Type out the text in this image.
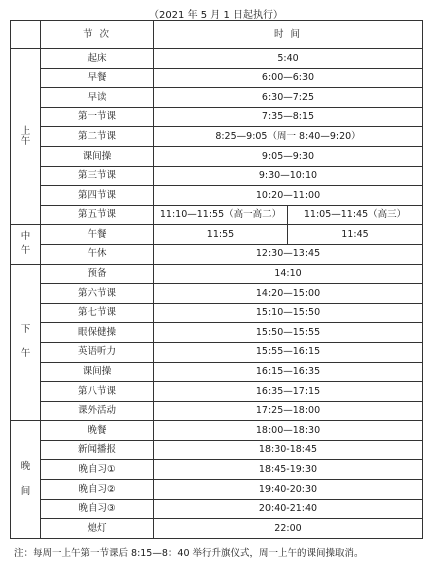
（2021 年 5 月 1 日起执行）
	节 次	时 间	

上
午	起床	5:40	
	早餐	6:00—6:30	
	早读	6:30—7:25	
	第一节课	7:35—8:15	
	第二节课	8:25—9:05（周一 8:40—9:20）	
	课间操	9:05—9:30	
	第三节课	9:30—10:10	
	第四节课	10:20—11:00	
	第五节课	11:10—11:55（高一高二）	11:05—11:45（高三）

中
午	午餐	11:55	11:45
	午休	12:30—13:45	

下
午	预备	14:10	
	第六节课	14:20—15:00	
	第七节课	15:10—15:50	
	眼保健操	15:50—15:55	
	英语听力	15:55—16:15	
	课间操	16:15—16:35	
	第八节课	16:35—17:15	
	课外活动	17:25—18:00	

晚
间	晚餐	18:00—18:30	
	新闻播报	18:30-18:45	
	晚自习①	18:45-19:30	
	晚自习②	19:40-20:30	
	晚自习③	20:40-21:40	
	熄灯	22:00	
注：每周一上午第一节课后 8:15—8：40 举行升旗仪式，周一上午的课间操取消。
